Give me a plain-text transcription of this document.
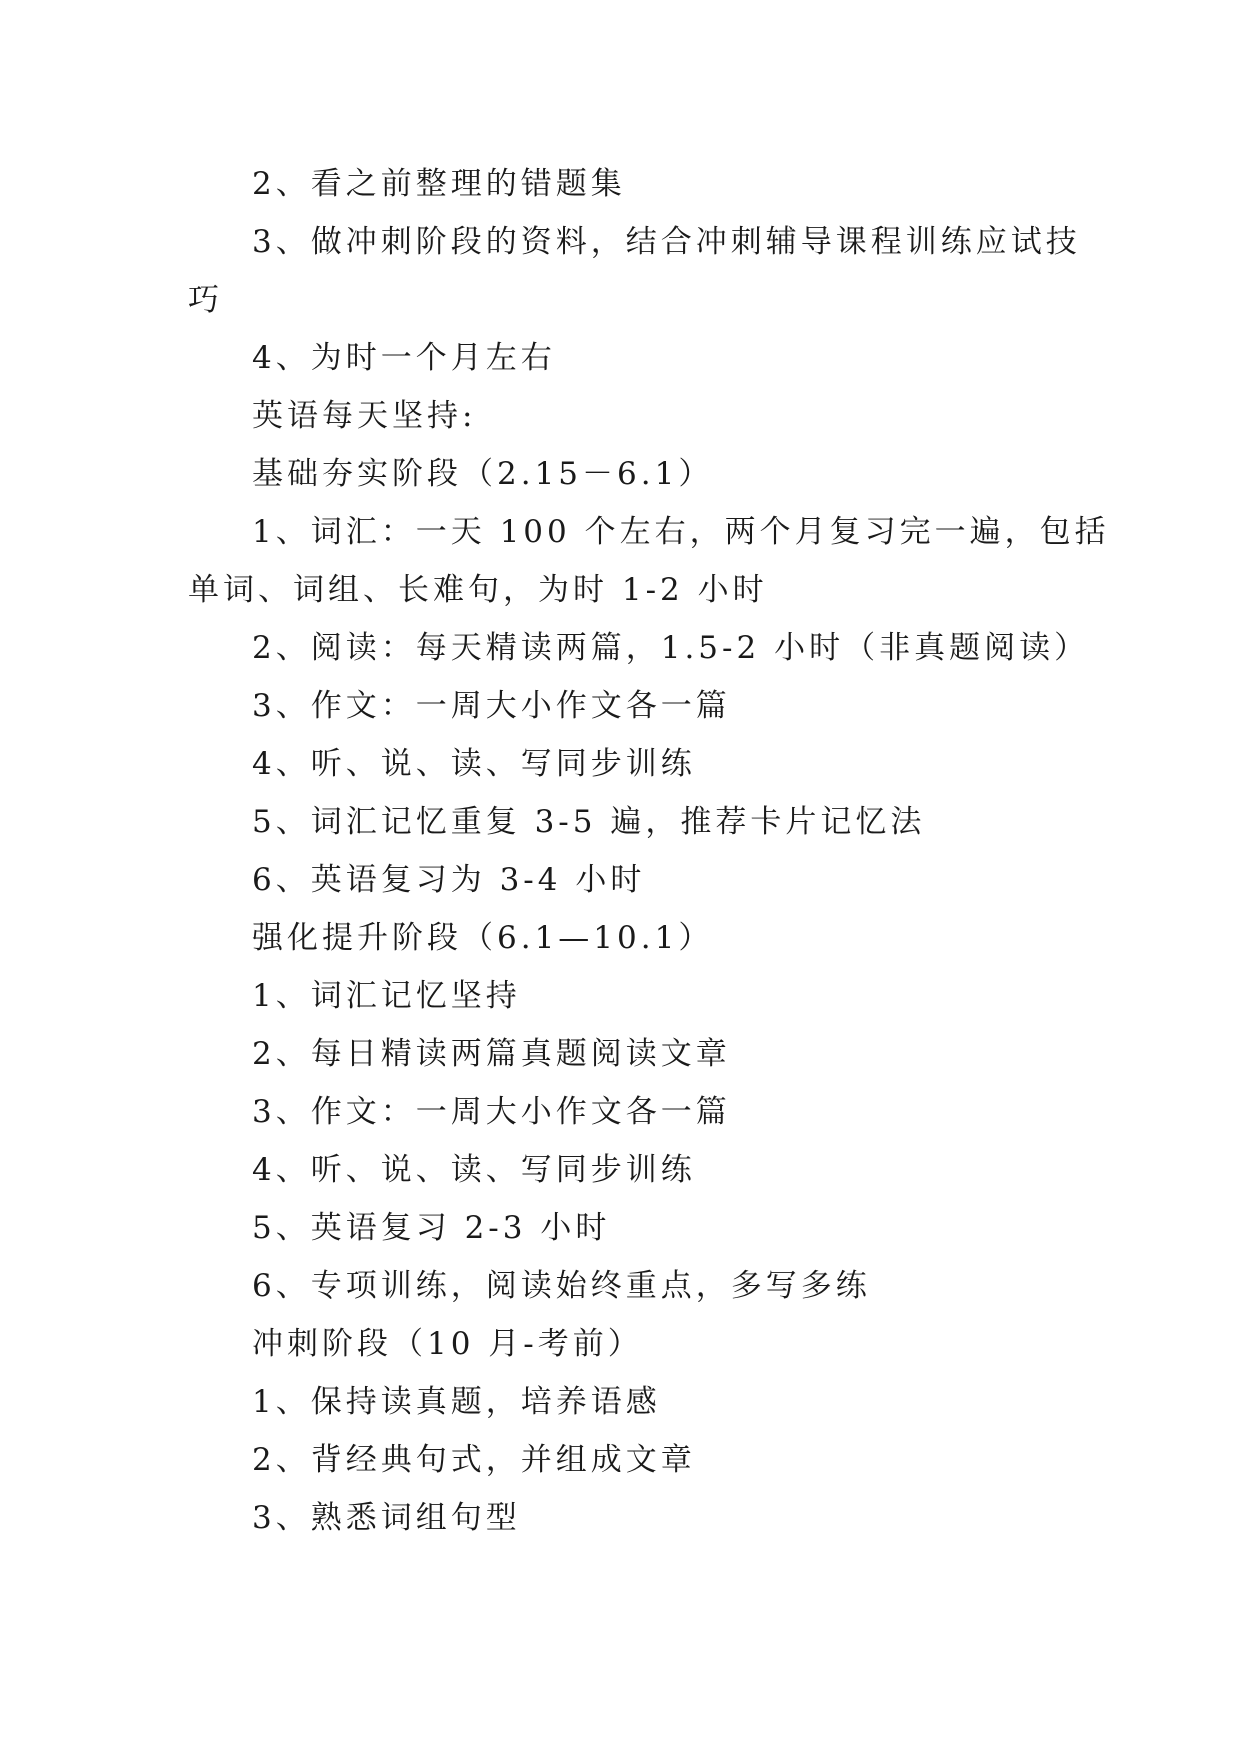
2、看之前整理的错题集
3、做冲刺阶段的资料，结合冲刺辅导课程训练应试技
巧
4、为时一个月左右
英语每天坚持:
基础夯实阶段（2.15－6.1）
1、词汇：一天 100 个左右，两个月复习完一遍，包括
单词、词组、长难句，为时 1-2 小时
2、阅读：每天精读两篇，1.5-2 小时（非真题阅读）
3、作文：一周大小作文各一篇
4、听、说、读、写同步训练
5、词汇记忆重复 3-5 遍，推荐卡片记忆法
6、英语复习为 3-4 小时
强化提升阶段（6.1—10.1）
1、词汇记忆坚持
2、每日精读两篇真题阅读文章
3、作文：一周大小作文各一篇
4、听、说、读、写同步训练
5、英语复习 2-3 小时
6、专项训练，阅读始终重点，多写多练
冲刺阶段（10 月-考前）
1、保持读真题，培养语感
2、背经典句式，并组成文章
3、熟悉词组句型
